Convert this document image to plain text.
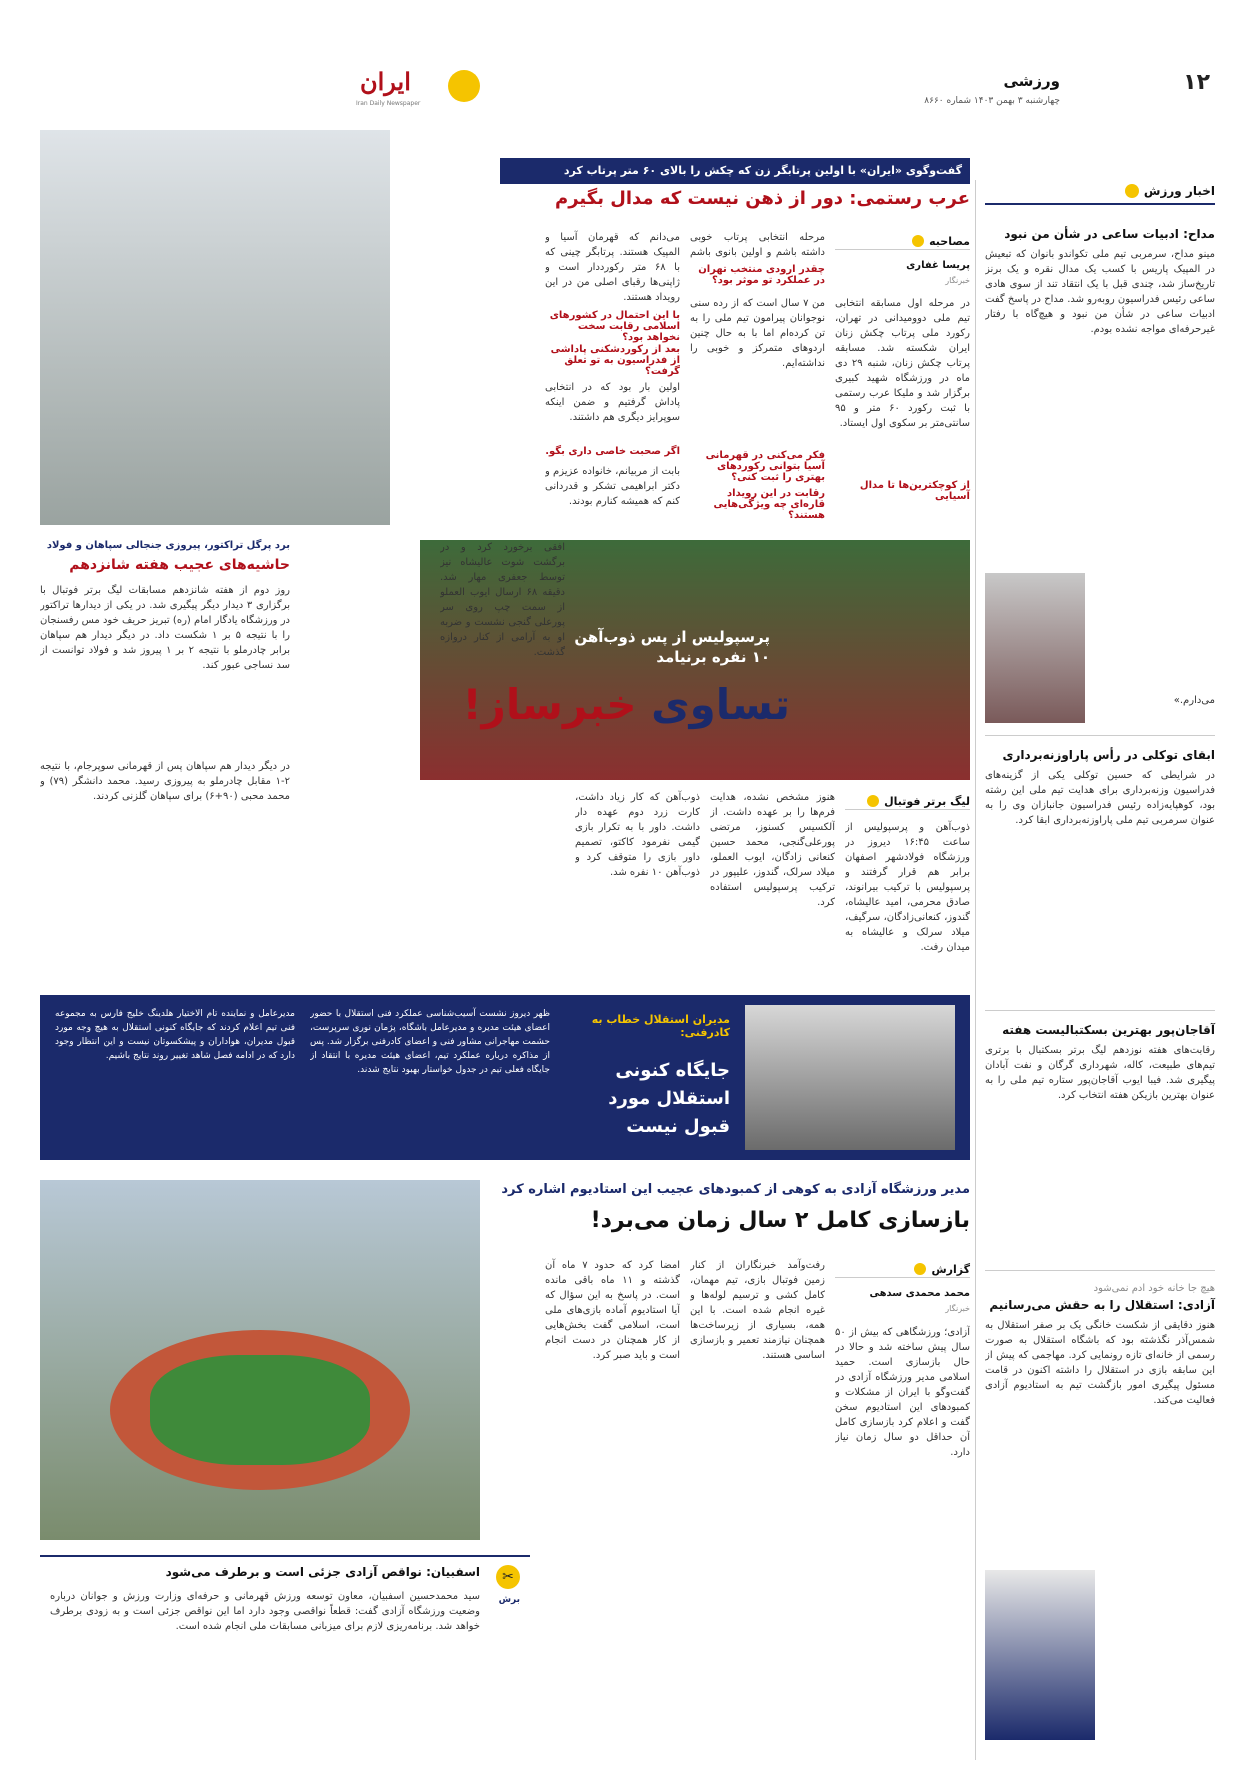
۱۲
ورزشی
چهارشنبه ۳ بهمن ۱۴۰۳ شماره ۸۶۶۰
ایران
Iran Daily Newspaper
اخبار ورزش
مداح: ادبیات ساعی در شأن من نبود
مینو مداح، سرمربی تیم ملی تکواندو بانوان که تبعیش در المپیک پاریس با کسب یک مدال نقره و یک برنز تاریخ‌ساز شد، چندی قبل با یک انتقاد تند از سوی هادی ساعی رئیس فدراسیون روبه‌رو شد. مداح در پاسخ گفت ادبیات ساعی در شأن من نبود و هیچ‌گاه با رفتار غیرحرفه‌ای مواجه نشده بودم.
می‌دارم.»
ابقای توکلی در رأس پاراوزنه‌برداری
در شرایطی که حسین توکلی یکی از گزینه‌های فدراسیون وزنه‌برداری برای هدایت تیم ملی این رشته بود، کوهپایه‌زاده رئیس فدراسیون جانبازان وی را به عنوان سرمربی تیم ملی پاراوزنه‌برداری ابقا کرد.
آقاجان‌پور بهترین بسکتبالیست هفته
رقابت‌های هفته نوزدهم لیگ برتر بسکتبال با برتری تیم‌های طبیعت، کاله، شهرداری گرگان و نفت آبادان پیگیری شد. فیبا ایوب آقاجان‌پور ستاره تیم ملی را به عنوان بهترین بازیکن هفته انتخاب کرد.
هیچ جا خانه خود ادم نمی‌شود
آزادی: استقلال را به حقش می‌رسانیم
هنوز دقایقی از شکست خانگی یک بر صفر استقلال به شمس‌آذر نگذشته بود که باشگاه استقلال به صورت رسمی از خانه‌ای تازه رونمایی کرد. مهاجمی که پیش از این سابقه بازی در استقلال را داشته اکنون در قامت مسئول پیگیری امور بازگشت تیم به استادیوم آزادی فعالیت می‌کند.
گفت‌وگوی «ایران» با اولین پرتابگر زن که چکش را بالای ۶۰ متر پرتاب کرد
عرب رستمی: دور از ذهن نیست که مدال بگیرم
مصاحبه
پریسا غفاری
خبرنگار
در مرحله اول مسابقه انتخابی تیم ملی دوومیدانی در تهران، رکورد ملی پرتاب چکش زنان ایران شکسته شد. مسابقه پرتاب چکش زنان، شنبه ۲۹ دی ماه در ورزشگاه شهید کبیری برگزار شد و ملیکا عرب رستمی با ثبت رکورد ۶۰ متر و ۹۵ سانتی‌متر بر سکوی اول ایستاد.
از کوچکترین‌ها تا مدال آسیایی
مرحله انتخابی پرتاب خوبی داشته باشم و اولین بانوی باشم
چقدر ارودی منتخب تهران در عملکرد تو موثر بود؟
من ۷ سال است که از رده سنی نوجوانان پیرامون تیم ملی را به تن کرده‌ام اما با به حال چنین اردوهای متمرکز و خوبی را نداشته‌ایم.
فکر می‌کنی در قهرمانی آسیا بتوانی رکوردهای بهتری را ثبت کنی؟
رقابت در این رویداد قاره‌ای چه ویژگی‌هایی هستند؟
می‌دانم که قهرمان آسیا و المپیک هستند. پرتابگر چینی که با ۶۸ متر رکورددار است و ژاپنی‌ها رقبای اصلی من در این رویداد هستند.
با این احتمال در کشورهای اسلامی رقابت سخت نخواهد بود؟
بعد از رکوردشکنی پاداشی از فدراسیون به تو تعلق گرفت؟
اولین بار بود که در انتخابی پاداش گرفتیم و ضمن اینکه سوپرایز دیگری هم داشتند.
اگر صحبت خاصی داری بگو.
بابت از مربیانم، خانواده عزیزم و دکتر ابراهیمی تشکر و قدردانی کنم که همیشه کنارم بودند.
پرسپولیس از پس ذوب‌آهن
۱۰ نفره برنیامد
تساوی خبرساز!
لیگ برتر فوتبال
ذوب‌آهن و پرسپولیس از ساعت ۱۶:۴۵ دیروز در ورزشگاه فولادشهر اصفهان برابر هم قرار گرفتند و پرسپولیس با ترکیب بیرانوند، صادق محرمی، امید عالیشاه، گندوز، کنعانی‌زادگان، سرگیف، میلاد سرلک و عالیشاه به میدان رفت.
هنوز مشخص نشده، هدایت فرم‌ها را بر عهده داشت. از آلکسیس کسنوز، مرتضی پورعلی‌گنجی، محمد حسین کنعانی زادگان، ایوب العملو، میلاد سرلک، گندوز، علیپور در ترکیب پرسپولیس استفاده کرد.
ذوب‌آهن که کار زیاد داشت، کارت زرد دوم عهده دار داشت. داور با به تکرار بازی گیمی نفرمود کاکتو، تصمیم داور بازی را متوقف کرد و ذوب‌آهن ۱۰ نفره شد.
افقی برخورد کرد و در برگشت شوت عالیشاه نیز توسط جعفری مهار شد. دقیقه ۶۸ ارسال ایوب العملو از سمت چپ روی سر پورعلی گنجی نشست و ضربه او به آرامی از کنار دروازه گذشت.
برد پرگل تراکتور، پیروزی جنجالی سپاهان و فولاد
حاشیه‌های عجیب هفته شانزدهم
روز دوم از هفته شانزدهم مسابقات لیگ برتر فوتبال با برگزاری ۳ دیدار دیگر پیگیری شد. در یکی از دیدارها تراکتور در ورزشگاه یادگار امام (ره) تبریز حریف خود مس رفسنجان را با نتیجه ۵ بر ۱ شکست داد. در دیگر دیدار هم سپاهان برابر چادرملو با نتیجه ۲ بر ۱ پیروز شد و فولاد توانست از سد نساجی عبور کند.
در دیگر دیدار هم سپاهان پس از قهرمانی سوپرجام، با نتیجه ۲-۱ مقابل چادرملو به پیروزی رسید. محمد دانشگر (۷۹) و محمد محبی (۹۰+۶) برای سپاهان گلزنی کردند.
مدیران استقلال خطاب به کادرفنی:
جایگاه کنونی استقلال مورد قبول نیست
ظهر دیروز نشست آسیب‌شناسی عملکرد فنی استقلال با حضور اعضای هیئت مدیره و مدیرعامل باشگاه، پژمان نوری سرپرست، حشمت مهاجرانی مشاور فنی و اعضای کادرفنی برگزار شد. پس از مذاکره درباره عملکرد تیم، اعضای هیئت مدیره با انتقاد از جایگاه فعلی تیم در جدول خواستار بهبود نتایج شدند.
مدیرعامل و نماینده تام الاختیار هلدینگ خلیج فارس به مجموعه فنی تیم اعلام کردند که جایگاه کنونی استقلال به هیچ وجه مورد قبول مدیران، هواداران و پیشکسوتان نیست و این انتظار وجود دارد که در ادامه فصل شاهد تغییر روند نتایج باشیم.
مدیر ورزشگاه آزادی به کوهی از کمبودهای عجیب این استادیوم اشاره کرد
بازسازی کامل ۲ سال زمان می‌برد!
گزارش
محمد محمدی سدهی
خبرنگار
آزادی؛ ورزشگاهی که بیش از ۵۰ سال پیش ساخته شد و حالا در حال بازسازی است. حمید اسلامی مدیر ورزشگاه آزادی در گفت‌وگو با ایران از مشکلات و کمبودهای این استادیوم سخن گفت و اعلام کرد بازسازی کامل آن حداقل دو سال زمان نیاز دارد.
رفت‌وآمد خبرنگاران از کنار زمین فوتبال بازی، تیم مهمان، کامل کشی و ترسیم لوله‌ها و غیره انجام شده است. با این همه، بسیاری از زیرساخت‌ها همچنان نیازمند تعمیر و بازسازی اساسی هستند.
امضا کرد که حدود ۷ ماه آن گذشته و ۱۱ ماه باقی مانده است. در پاسخ به این سؤال که آیا استادیوم آماده بازی‌های ملی است، اسلامی گفت بخش‌هایی از کار همچنان در دست انجام است و باید صبر کرد.
اسفبیان: نواقص آزادی جزئی است و برطرف می‌شود	✂
برش
سید محمدحسین اسفبیان، معاون توسعه ورزش قهرمانی و حرفه‌ای وزارت ورزش و جوانان درباره وضعیت ورزشگاه آزادی گفت: قطعاً نواقصی وجود دارد اما این نواقص جزئی است و به زودی برطرف خواهد شد. برنامه‌ریزی لازم برای میزبانی مسابقات ملی انجام شده است.
